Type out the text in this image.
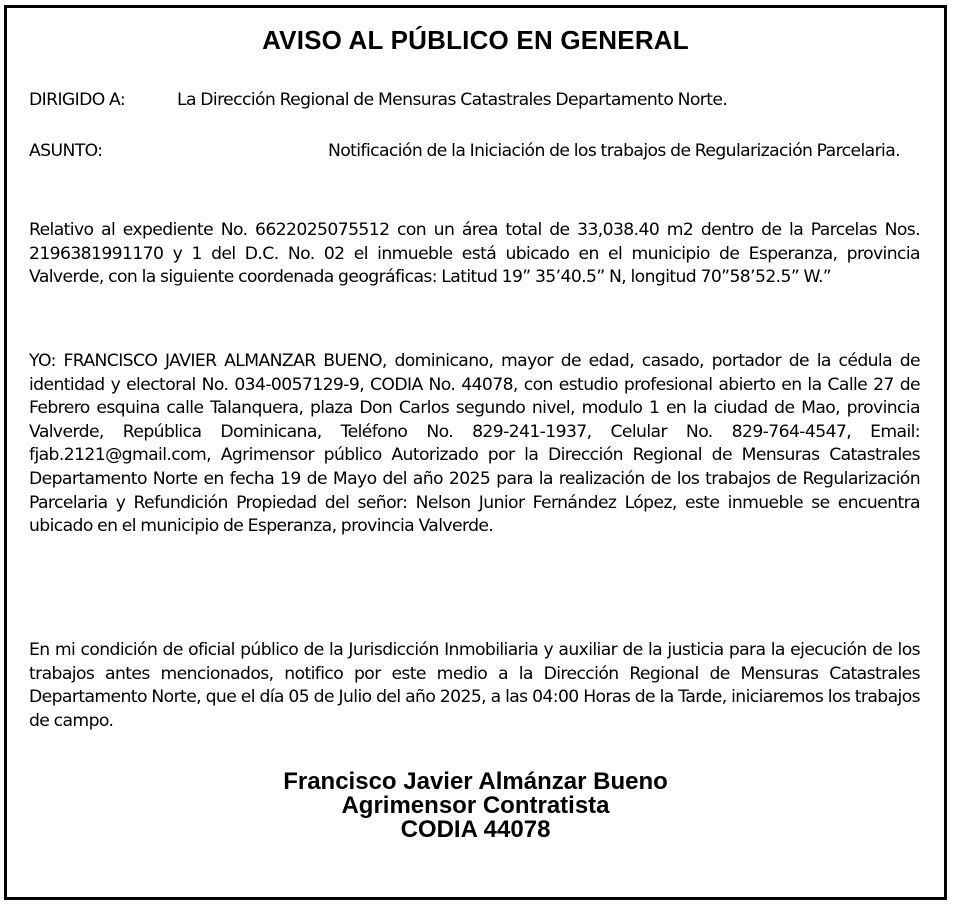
AVISO AL PÚBLICO EN GENERAL
DIRIGIDO A:	La Dirección Regional de Mensuras Catastrales Departamento Norte.

ASUNTO:	Notificación de la Iniciación de los trabajos de Regularización Parcelaria.

Relativo al expediente No. 6622025075512 con un área total de 33,038.40 m2 dentro de la Parcelas Nos. 2196381991170 y 1 del D.C. No. 02 el inmueble está ubicado en el municipio de Esperanza, provincia Valverde, con la siguiente coordenada geográficas: Latitud 19” 35’40.5” N, longitud 70”58’52.5” W.”

YO: FRANCISCO JAVIER ALMANZAR BUENO, dominicano, mayor de edad, casado, portador de la cédula de identidad y electoral No. 034-0057129-9, CODIA No. 44078, con estudio profesional abierto en la Calle 27 de Febrero esquina calle Talanquera, plaza Don Carlos segundo nivel, modulo 1 en la ciudad de Mao, provincia Valverde, República Dominicana, Teléfono No. 829-241-1937, Celular No. 829-764-4547, Email: fjab.2121@gmail.com, Agrimensor público Autorizado por la Dirección Regional de Mensuras Catastrales Departamento Norte en fecha 19 de Mayo del año 2025 para la realización de los trabajos de Regularización Parcelaria y Refundición Propiedad del señor: Nelson Junior Fernández López, este inmueble se encuentra ubicado en el municipio de Esperanza, provincia Valverde.

En mi condición de oficial público de la Jurisdicción Inmobiliaria y auxiliar de la justicia para la ejecución de los trabajos antes mencionados, notifico por este medio a la Dirección Regional de Mensuras Catastrales Departamento Norte, que el día 05 de Julio del año 2025, a las 04:00 Horas de la Tarde, iniciaremos los trabajos de campo.

Francisco Javier Almánzar Bueno
Agrimensor Contratista
CODIA 44078
